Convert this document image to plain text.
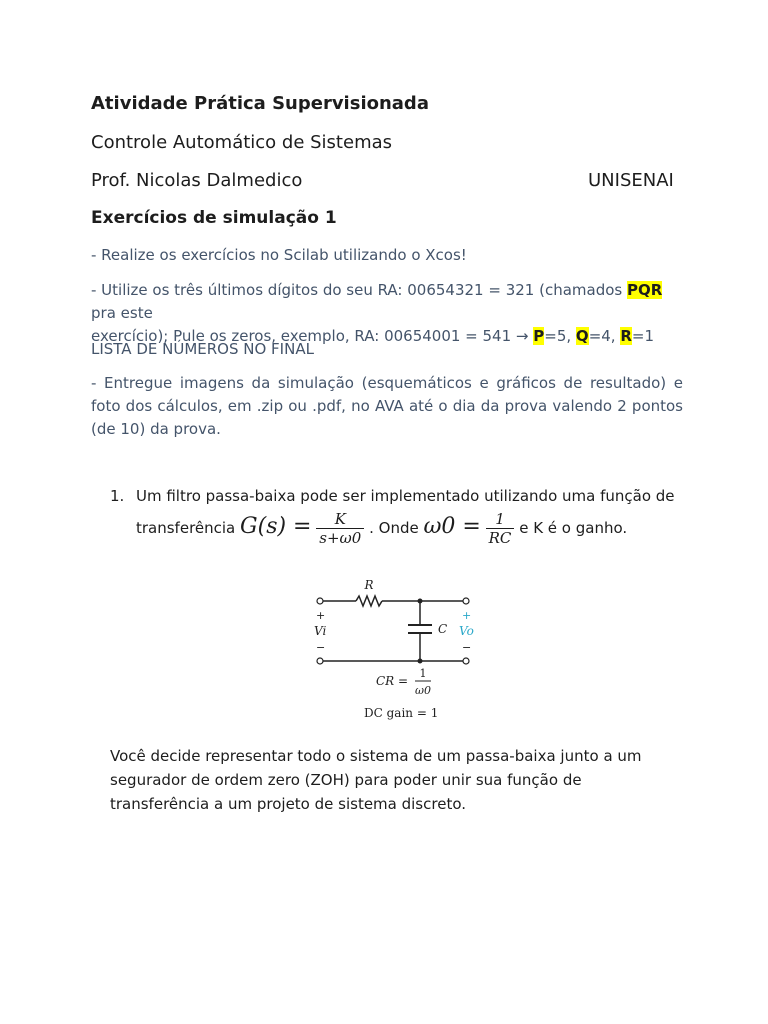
Atividade Prática Supervisionada
Controle Automático de Sistemas
Prof. Nicolas Dalmedico	UNISENAI
Exercícios de simulação 1
- Realize os exercícios no Scilab utilizando o Xcos!
- Utilize os três últimos dígitos do seu RA: 00654321 = 321 (chamados PQR pra este
exercício); Pule os zeros, exemplo, RA: 00654001 = 541 → P=5, Q=4, R=1
LISTA DE NÚMEROS NO FINAL
- Entregue imagens da simulação (esquemáticos e gráficos de resultado) e foto dos cálculos, em .zip ou .pdf, no AVA até o dia da prova valendo 2 pontos (de 10) da prova.
1. Um filtro passa-baixa pode ser implementado utilizando uma função de
transferência $G(s) = \frac{K}{s+\omega 0}$ . Onde $\omega 0 = \frac{1}{RC}$ e K é o ganho.
R
C
+
Vi
−
+
Vo
−
CR =
1
ω0
DC gain = 1
Você decide representar todo o sistema de um passa-baixa junto a um segurador de ordem zero (ZOH) para poder unir sua função de transferência a um projeto de sistema discreto.
